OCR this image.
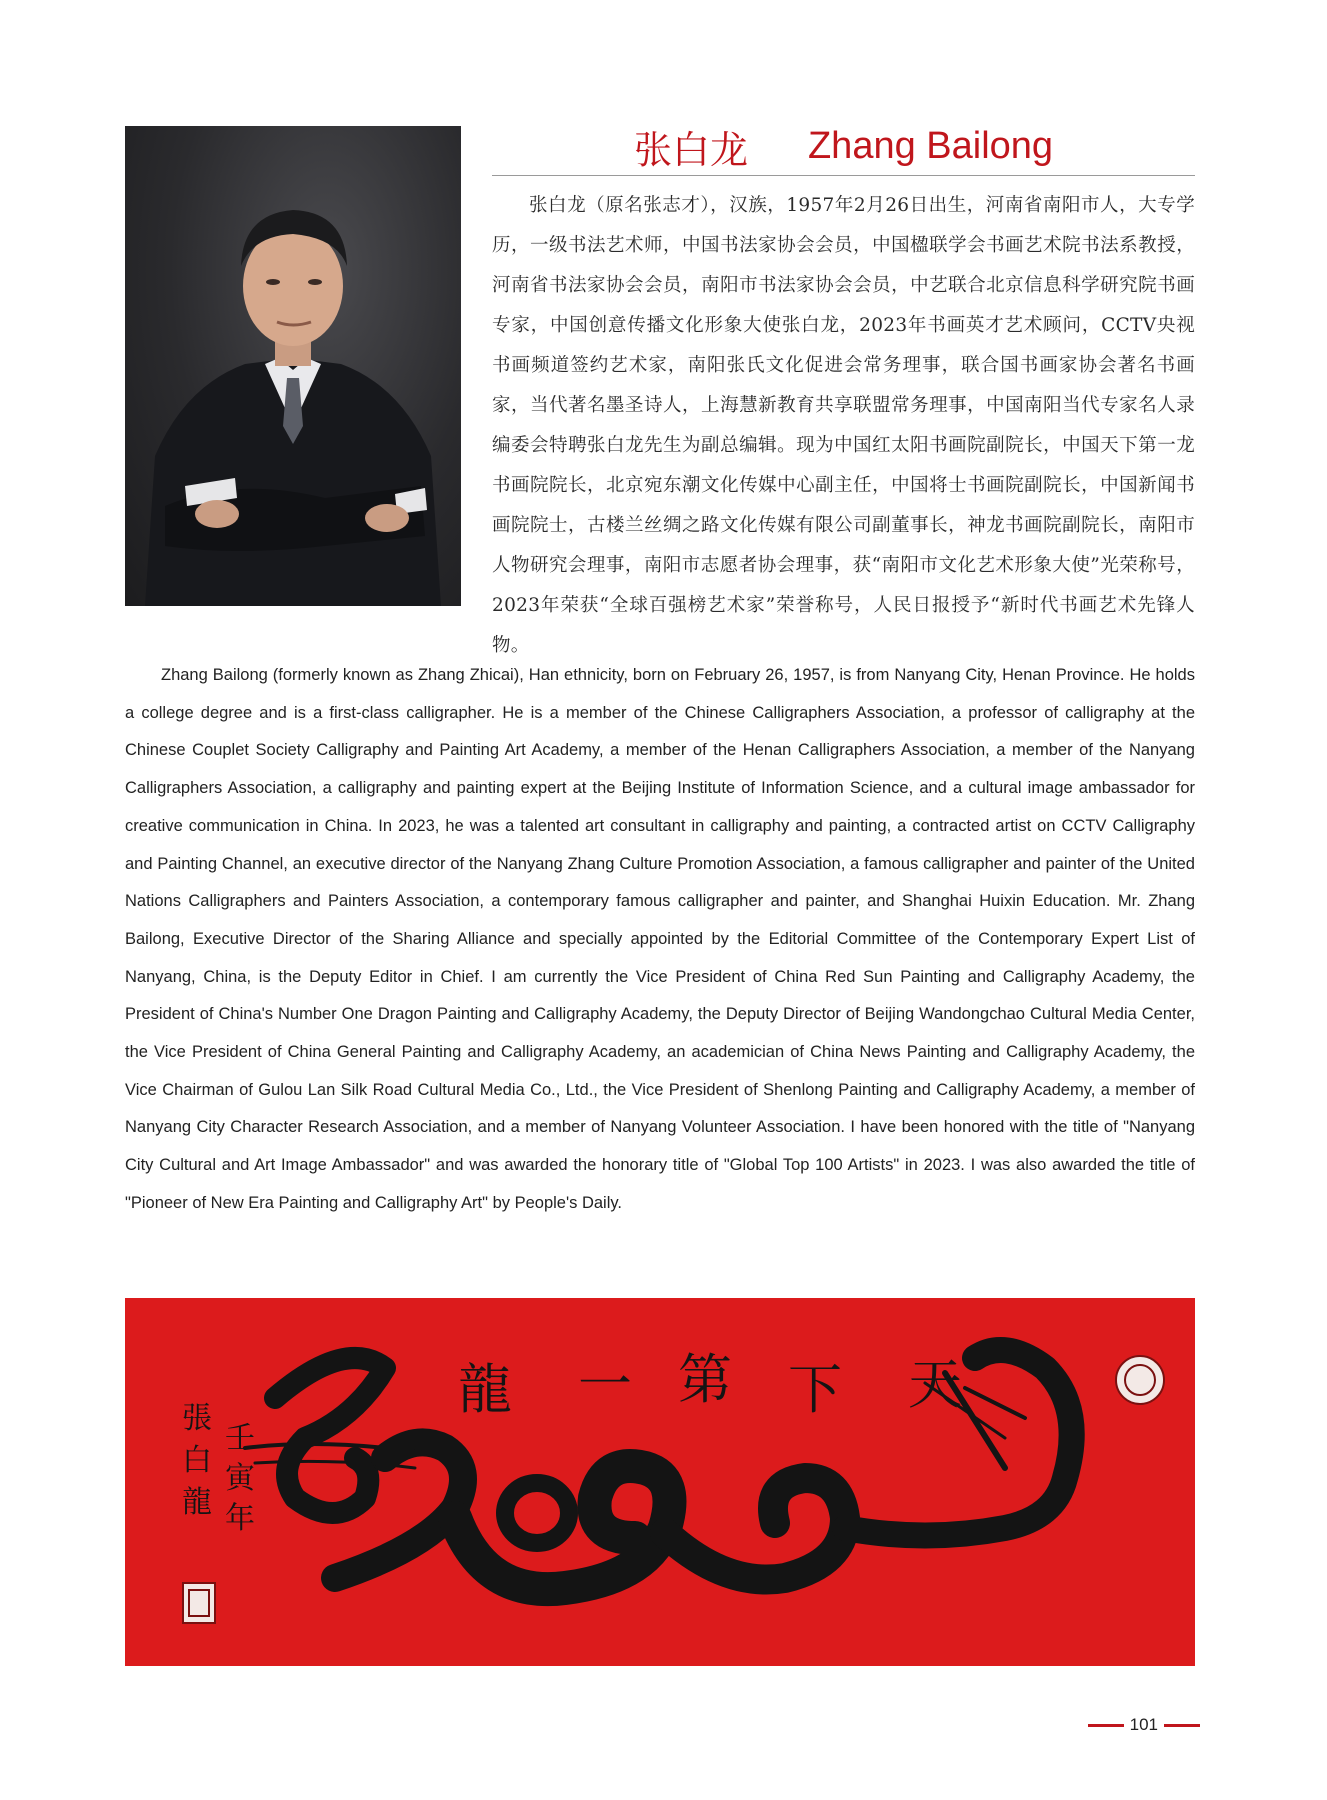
张白龙 Zhang Bailong

张白龙（原名张志才），汉族，1957年2月26日出生，河南省南阳市人，大专学历，一级书法艺术师，中国书法家协会会员，中国楹联学会书画艺术院书法系教授，河南省书法家协会会员，南阳市书法家协会会员，中艺联合北京信息科学研究院书画专家，中国创意传播文化形象大使张白龙，2023年书画英才艺术顾问，CCTV央视书画频道签约艺术家，南阳张氏文化促进会常务理事，联合国书画家协会著名书画家，当代著名墨圣诗人，上海慧新教育共享联盟常务理事，中国南阳当代专家名人录编委会特聘张白龙先生为副总编辑。现为中国红太阳书画院副院长，中国天下第一龙书画院院长，北京宛东潮文化传媒中心副主任，中国将士书画院副院长，中国新闻书画院院士，古楼兰丝绸之路文化传媒有限公司副董事长，神龙书画院副院长，南阳市人物研究会理事，南阳市志愿者协会理事，获“南阳市文化艺术形象大使”光荣称号，2023年荣获“全球百强榜艺术家”荣誉称号，人民日报授予“新时代书画艺术先锋人物。

Zhang Bailong (formerly known as Zhang Zhicai), Han ethnicity, born on February 26, 1957, is from Nanyang City, Henan Province. He holds a college degree and is a first-class calligrapher. He is a member of the Chinese Calligraphers Association, a professor of calligraphy at the Chinese Couplet Society Calligraphy and Painting Art Academy, a member of the Henan Calligraphers Association, a member of the Nanyang Calligraphers Association, a calligraphy and painting expert at the Beijing Institute of Information Science, and a cultural image ambassador for creative communication in China. In 2023, he was a talented art consultant in calligraphy and painting, a contracted artist on CCTV Calligraphy and Painting Channel, an executive director of the Nanyang Zhang Culture Promotion Association, a famous calligrapher and painter of the United Nations Calligraphers and Painters Association, a contemporary famous calligrapher and painter, and Shanghai Huixin Education. Mr. Zhang Bailong, Executive Director of the Sharing Alliance and specially appointed by the Editorial Committee of the Contemporary Expert List of Nanyang, China, is the Deputy Editor in Chief. I am currently the Vice President of China Red Sun Painting and Calligraphy Academy, the President of China's Number One Dragon Painting and Calligraphy Academy, the Deputy Director of Beijing Wandongchao Cultural Media Center, the Vice President of China General Painting and Calligraphy Academy, an academician of China News Painting and Calligraphy Academy, the Vice Chairman of Gulou Lan Silk Road Cultural Media Co., Ltd., the Vice President of Shenlong Painting and Calligraphy Academy, a member of Nanyang City Character Research Association, and a member of Nanyang Volunteer Association. I have been honored with the title of "Nanyang City Cultural and Art Image Ambassador" and was awarded the honorary title of "Global Top 100 Artists" in 2023. I was also awarded the title of "Pioneer of New Era Painting and Calligraphy Art" by People's Daily.

龍 一 第 下 天
壬寅年
張白龍
101
